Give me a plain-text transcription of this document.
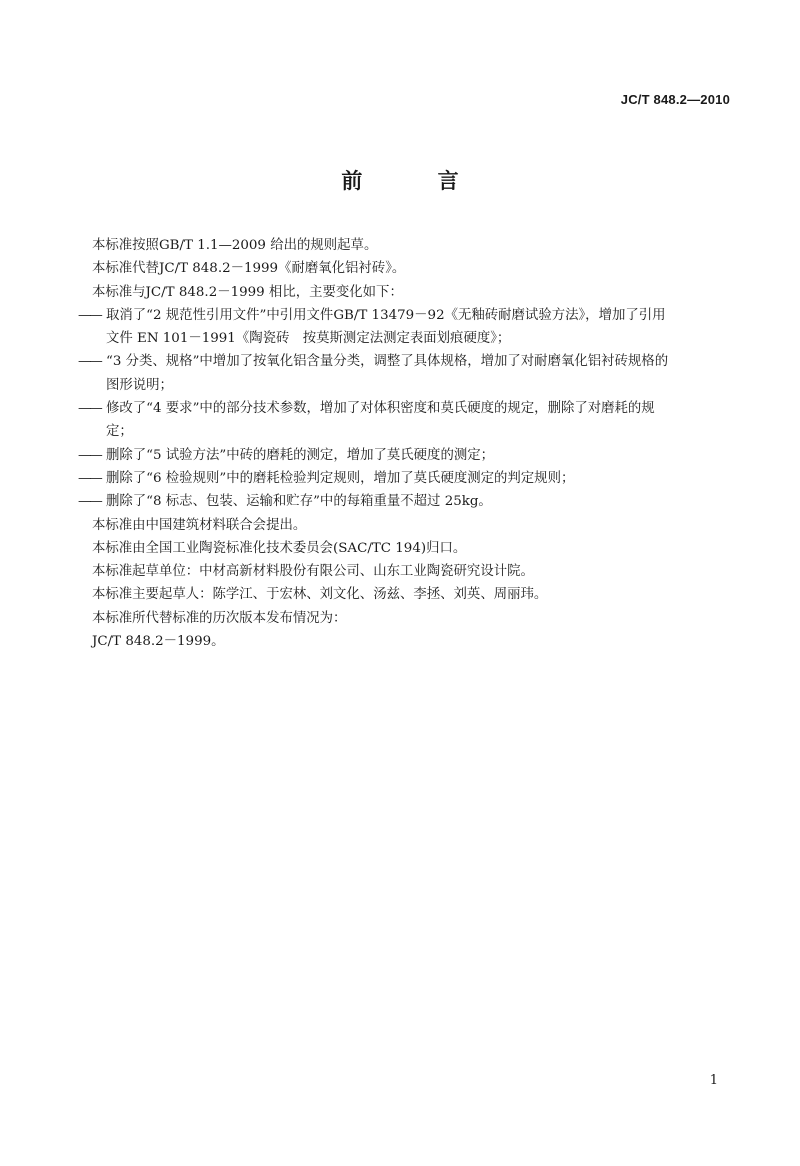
JC/T 848.2—2010
前 言

本标准按照GB/T 1.1—2009 给出的规则起草。

本标准代替JC/T 848.2－1999《耐磨氧化铝衬砖》。

本标准与JC/T 848.2－1999 相比，主要变化如下：

—— 取消了“2 规范性引用文件”中引用文件GB/T 13479－92《无釉砖耐磨试验方法》，增加了引用
文件 EN 101－1991《陶瓷砖　按莫斯测定法测定表面划痕硬度》；
—— “3 分类、规格”中增加了按氧化铝含量分类，调整了具体规格，增加了对耐磨氧化铝衬砖规格的
图形说明；
—— 修改了“4 要求”中的部分技术参数，增加了对体积密度和莫氏硬度的规定，删除了对磨耗的规
定；
—— 删除了“5 试验方法”中砖的磨耗的测定，增加了莫氏硬度的测定；
—— 删除了“6 检验规则”中的磨耗检验判定规则，增加了莫氏硬度测定的判定规则；
—— 删除了“8 标志、包装、运输和贮存”中的每箱重量不超过 25kg。

本标准由中国建筑材料联合会提出。

本标准由全国工业陶瓷标准化技术委员会(SAC/TC 194)归口。

本标准起草单位：中材高新材料股份有限公司、山东工业陶瓷研究设计院。

本标准主要起草人：陈学江、于宏林、刘文化、汤兹、李拯、刘英、周丽玮。

本标准所代替标准的历次版本发布情况为：

JC/T 848.2－1999。

1
